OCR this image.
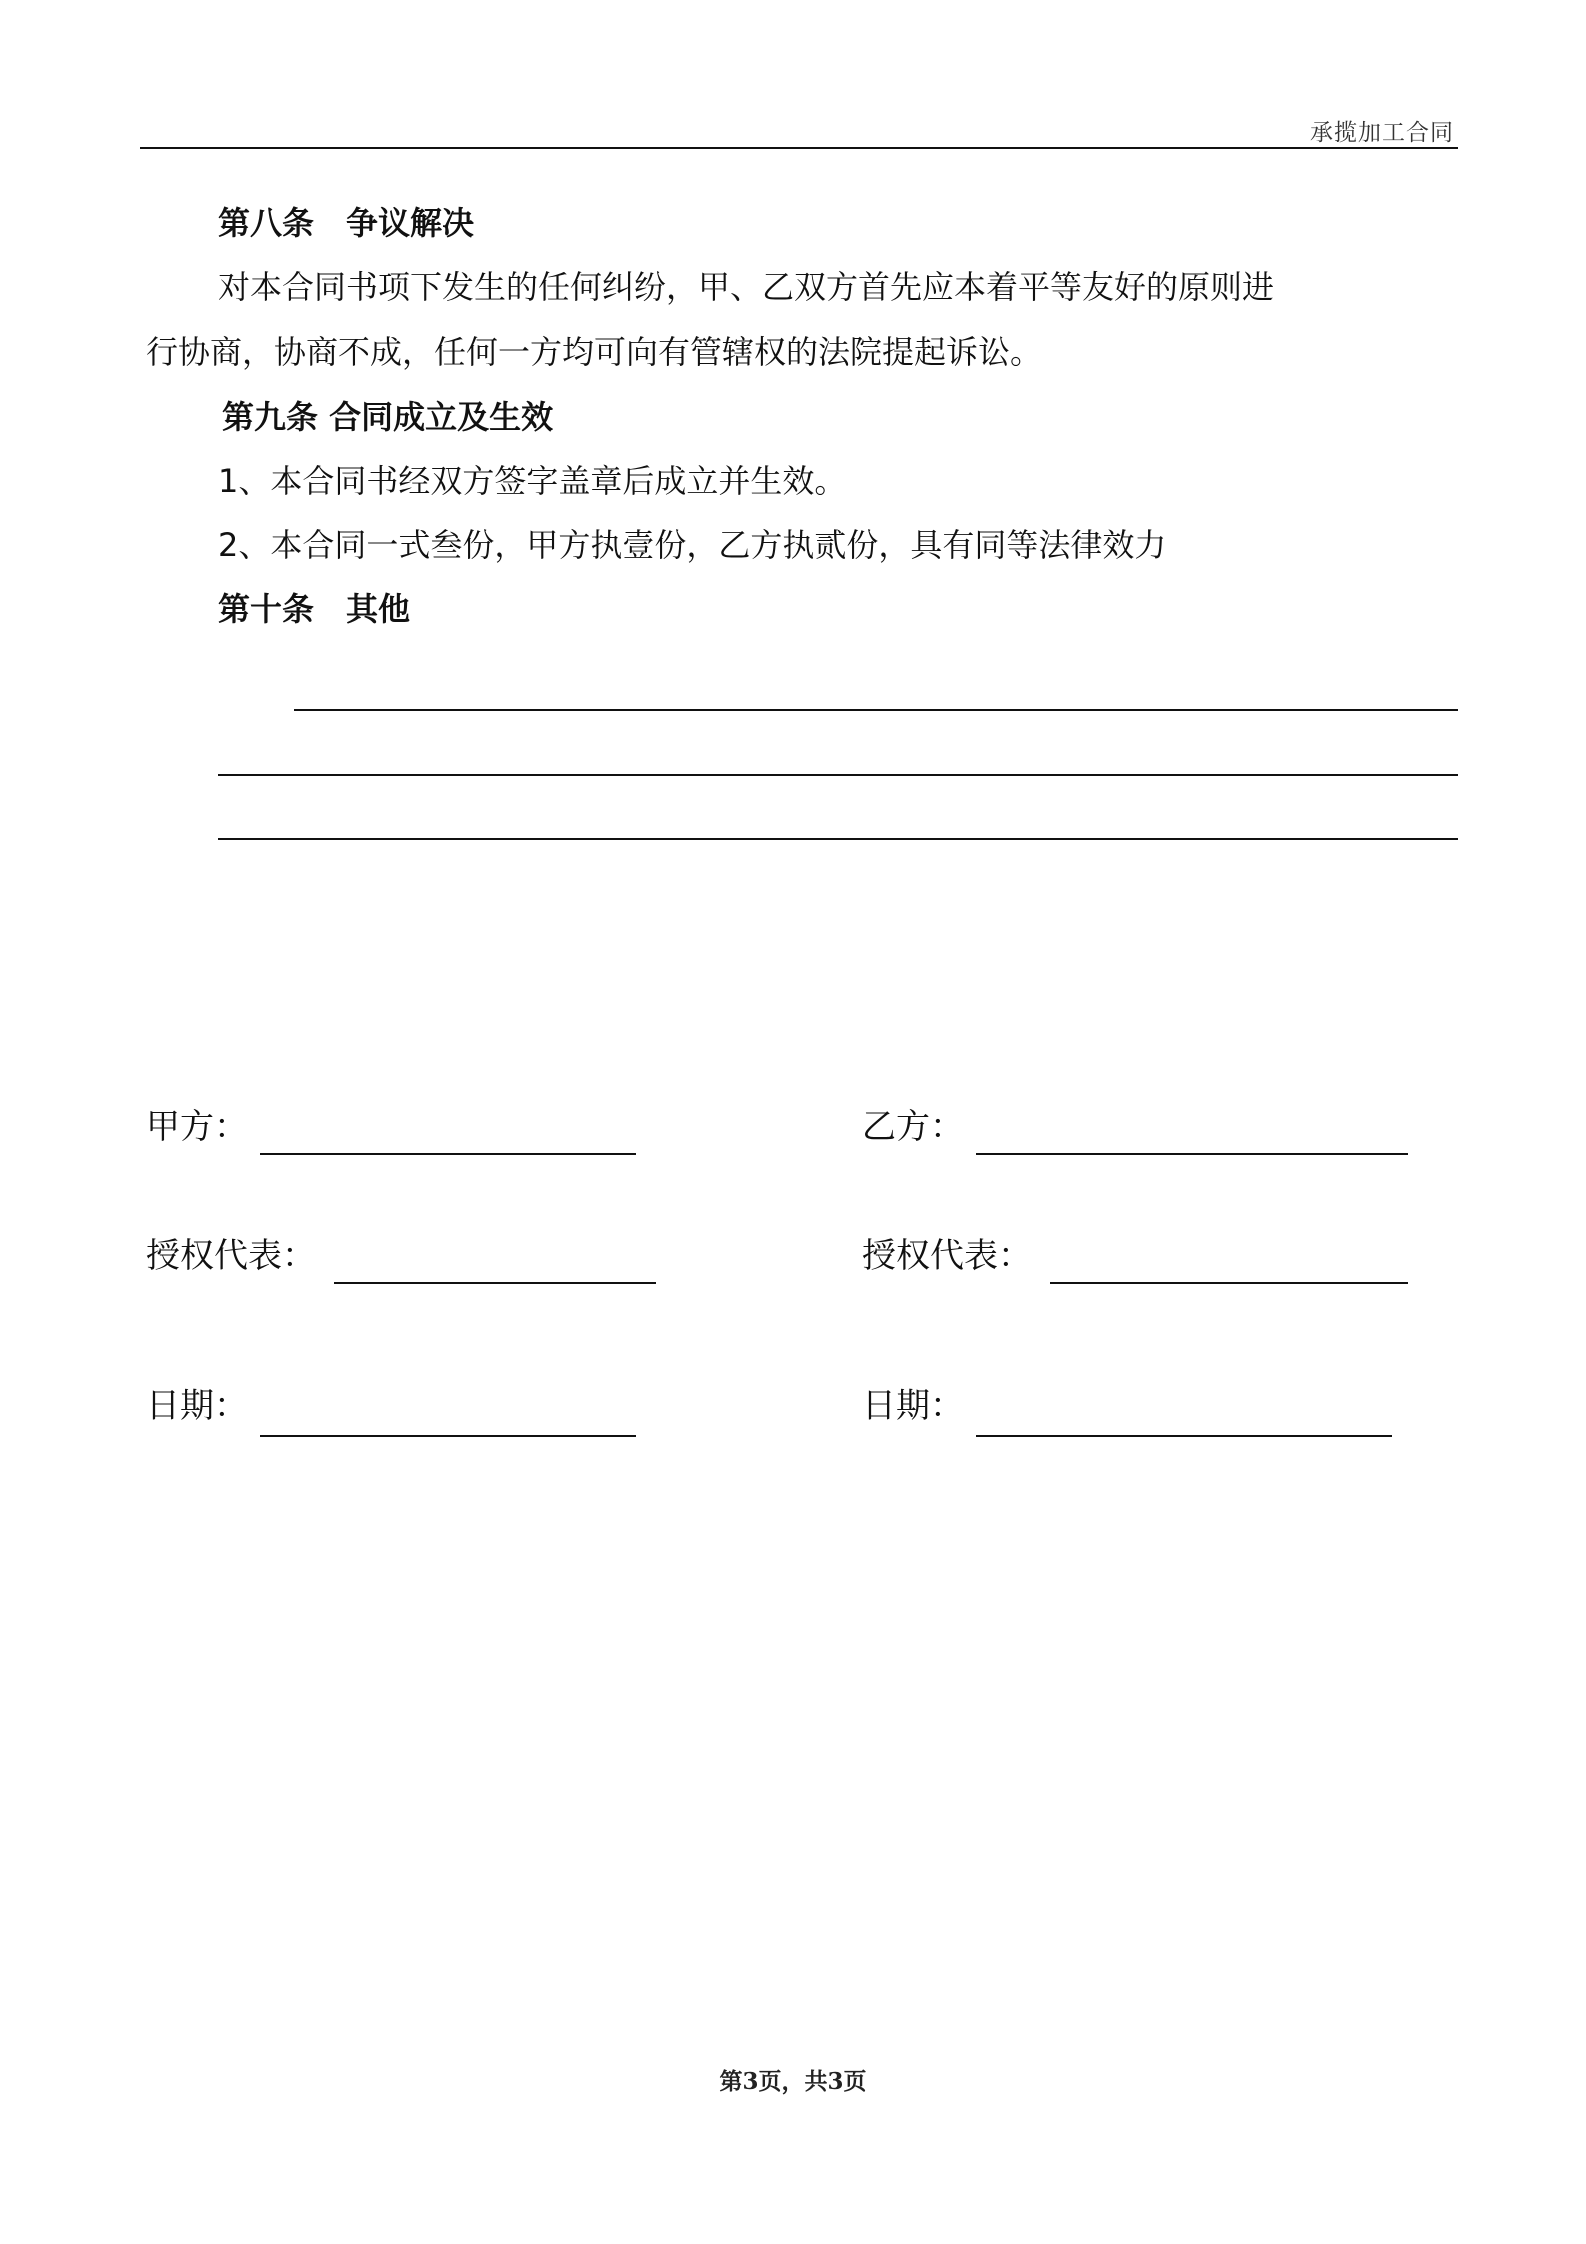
承揽加工合同
第八条　争议解决
对本合同书项下发生的任何纠纷，甲、乙双方首先应本着平等友好的原则进
行协商，协商不成，任何一方均可向有管辖权的法院提起诉讼。
第九条 合同成立及生效
1、本合同书经双方签字盖章后成立并生效。
2、本合同一式叁份，甲方执壹份，乙方执贰份，具有同等法律效力
第十条　其他
甲方：
授权代表：
日期：
乙方：
授权代表：
日期：
第3页，共3页
